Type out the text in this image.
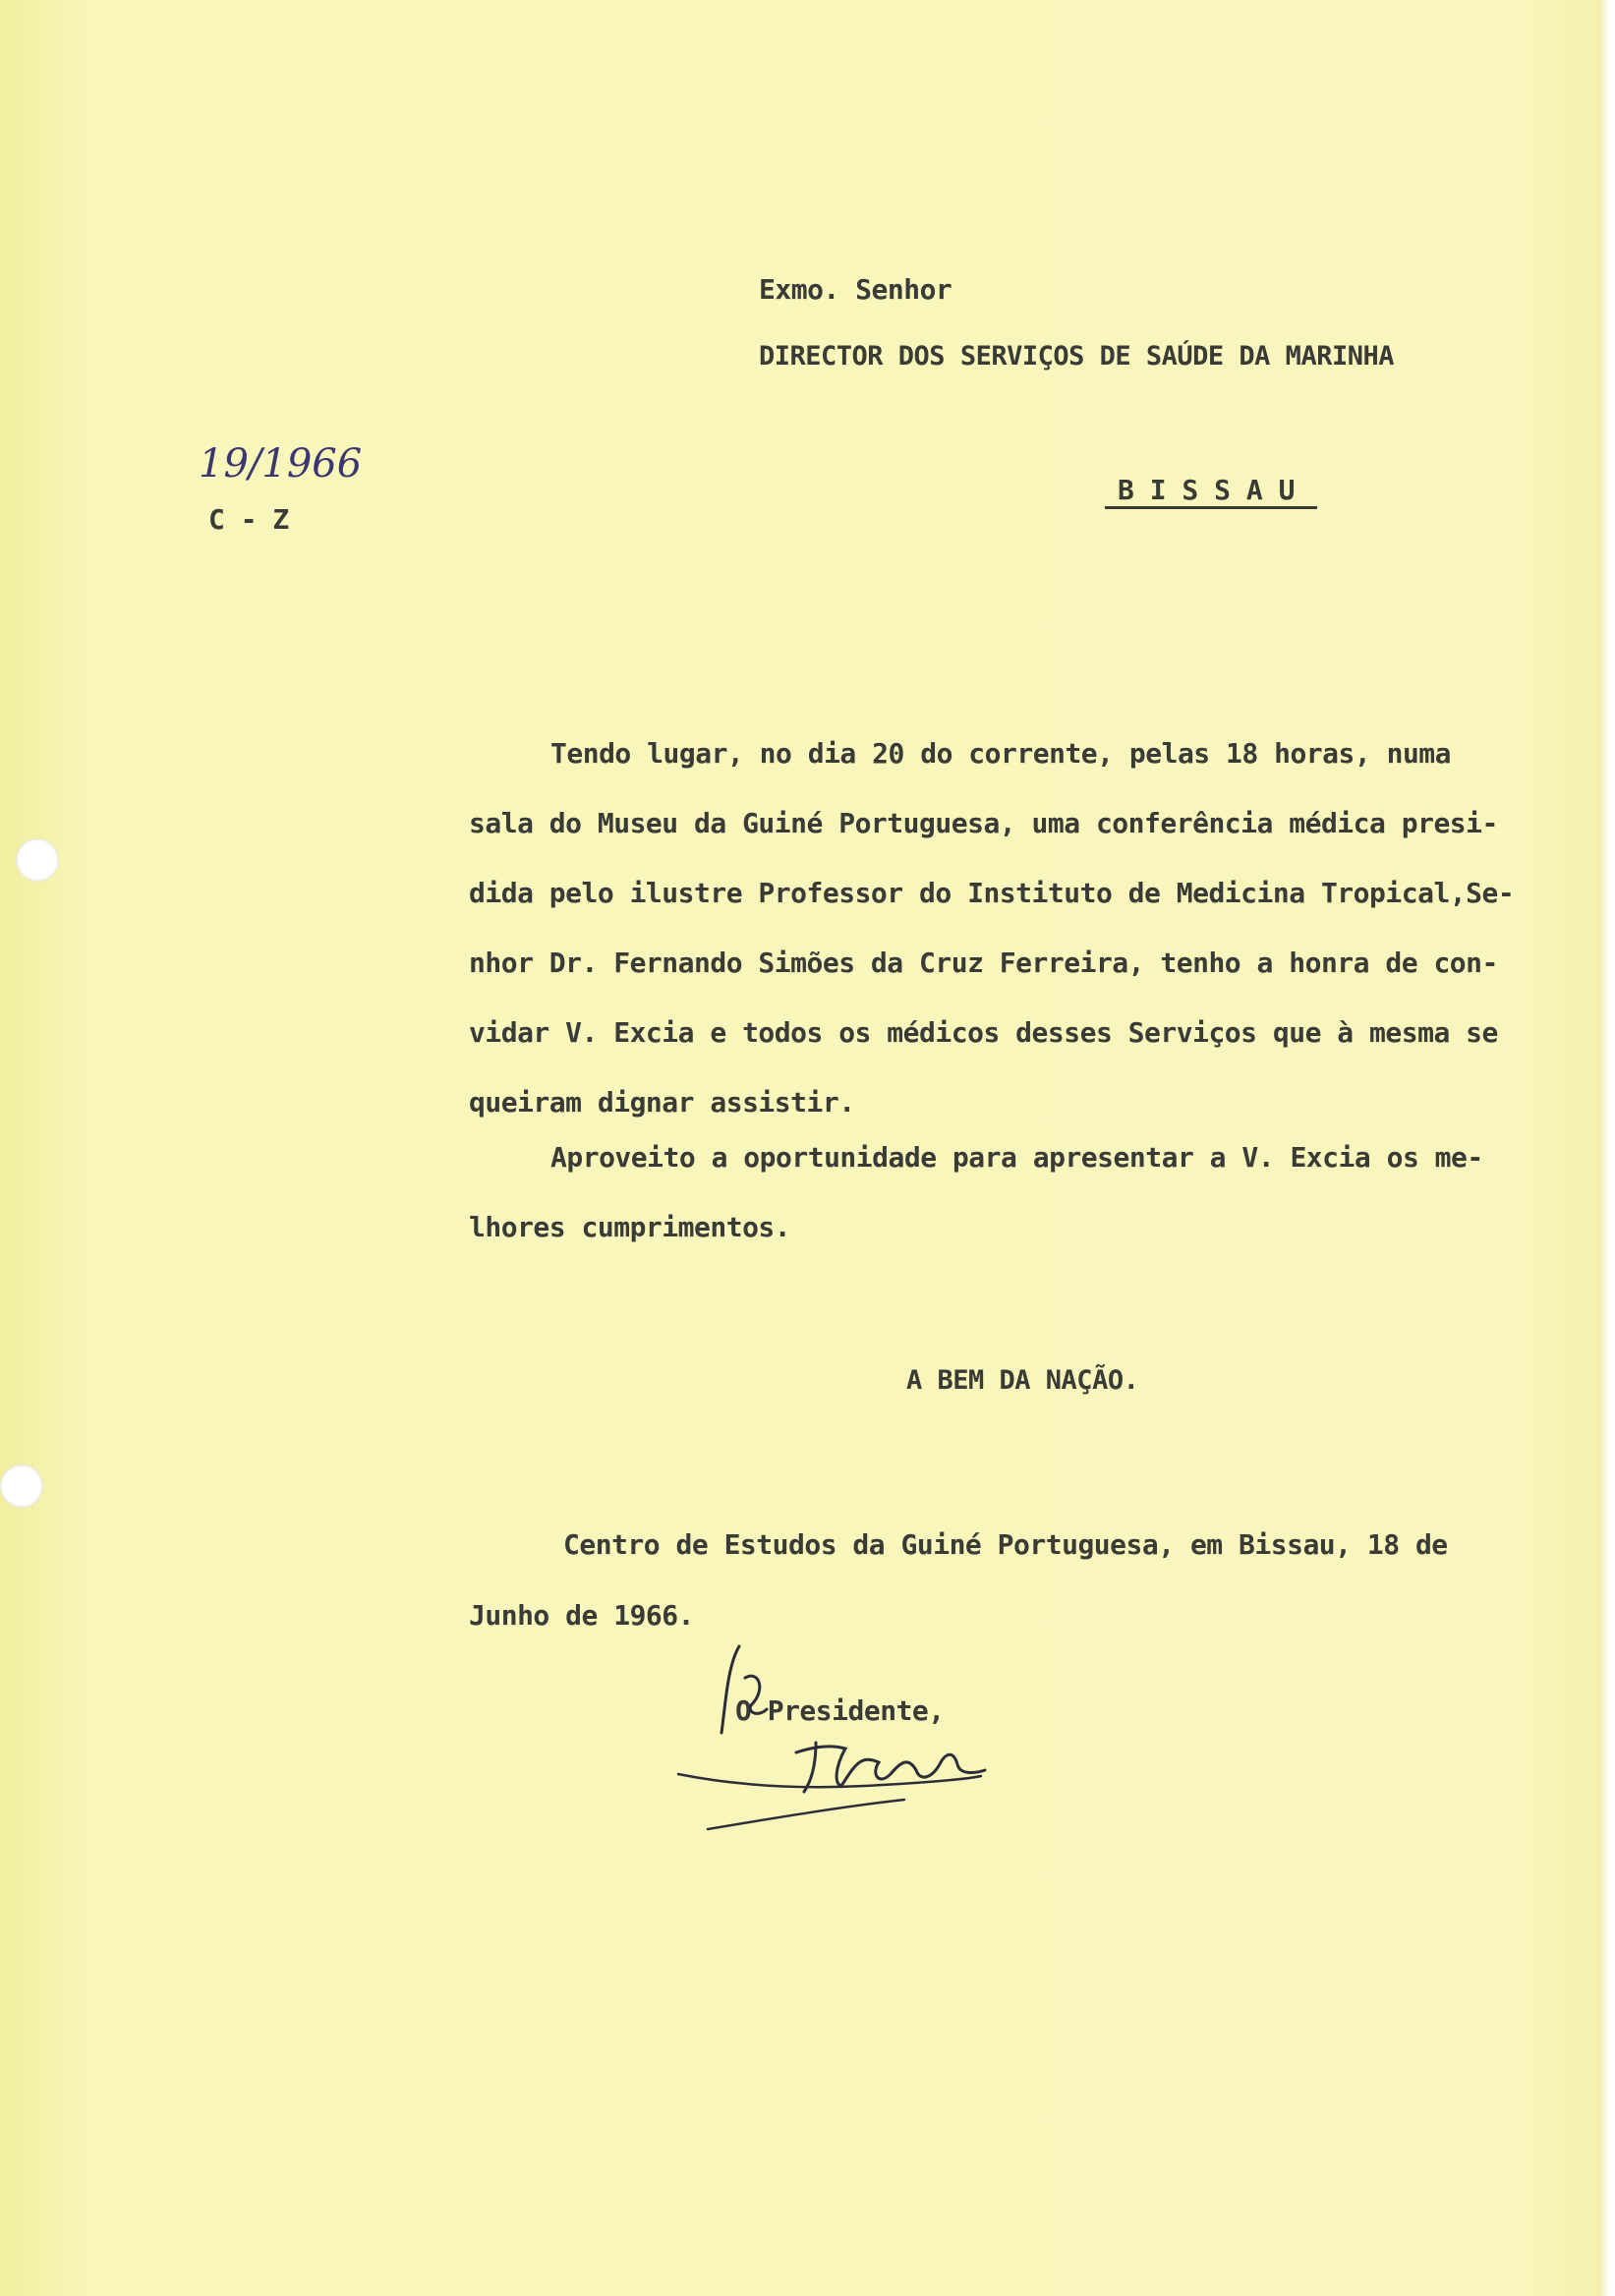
Exmo. Senhor
DIRECTOR DOS SERVIÇOS DE SAÚDE DA MARINHA
19/1966
C - Z
B I S S A U
Tendo lugar, no dia 20 do corrente, pelas 18 horas, numa
sala do Museu da Guiné Portuguesa, uma conferência médica presi-
dida pelo ilustre Professor do Instituto de Medicina Tropical,Se-
nhor Dr. Fernando Simões da Cruz Ferreira, tenho a honra de con-
vidar V. Excia e todos os médicos desses Serviços que à mesma se
queiram dignar assistir.
Aproveito a oportunidade para apresentar a V. Excia os me-
lhores cumprimentos.
A BEM DA NAÇÃO.
Centro de Estudos da Guiné Portuguesa, em Bissau, 18 de
Junho de 1966.
O Presidente,
